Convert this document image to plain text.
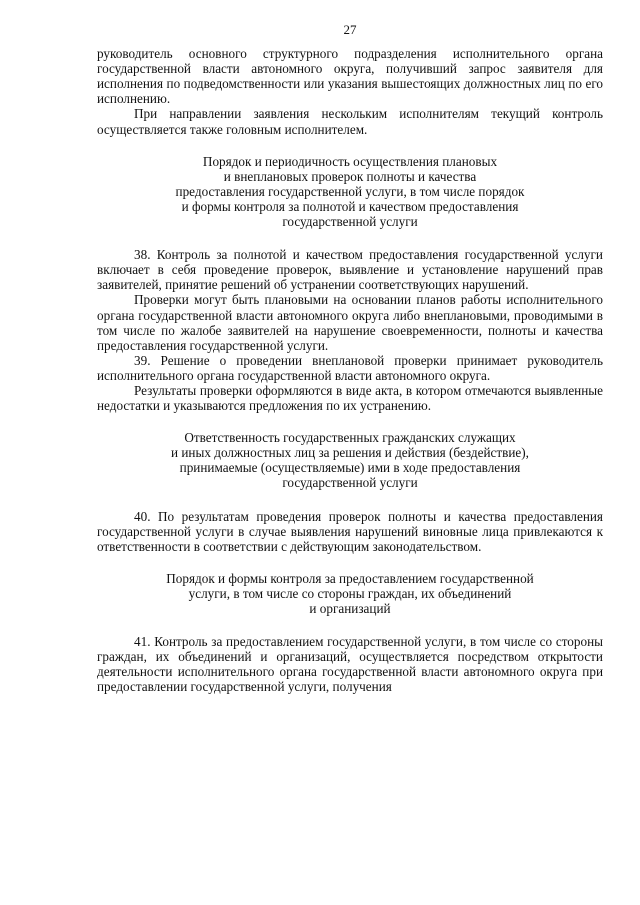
27

руководитель основного структурного подразделения исполнительного органа государственной власти автономного округа, получивший запрос заявителя для исполнения по подведомственности или указания вышестоящих должностных лиц по его исполнению.

При направлении заявления нескольким исполнителям текущий контроль осуществляется также головным исполнителем.

Порядок и периодичность осуществления плановых
и внеплановых проверок полноты и качества
предоставления государственной услуги, в том числе порядок
и формы контроля за полнотой и качеством предоставления
государственной услуги

38. Контроль за полнотой и качеством предоставления государственной услуги включает в себя проведение проверок, выявление и установление нарушений прав заявителей, принятие решений об устранении соответствующих нарушений.

Проверки могут быть плановыми на основании планов работы исполнительного органа государственной власти автономного округа либо внеплановыми, проводимыми в том числе по жалобе заявителей на нарушение своевременности, полноты и качества предоставления государственной услуги.

39. Решение о проведении внеплановой проверки принимает руководитель исполнительного органа государственной власти автономного округа.

Результаты проверки оформляются в виде акта, в котором отмечаются выявленные недостатки и указываются предложения по их устранению.

Ответственность государственных гражданских служащих
и иных должностных лиц за решения и действия (бездействие),
принимаемые (осуществляемые) ими в ходе предоставления
государственной услуги

40. По результатам проведения проверок полноты и качества предоставления государственной услуги в случае выявления нарушений виновные лица привлекаются к ответственности в соответствии с действующим законодательством.

Порядок и формы контроля за предоставлением государственной
услуги, в том числе со стороны граждан, их объединений
и организаций

41. Контроль за предоставлением государственной услуги, в том числе со стороны граждан, их объединений и организаций, осуществляется посредством открытости деятельности исполнительного органа государственной власти автономного округа при предоставлении государственной услуги, получения
